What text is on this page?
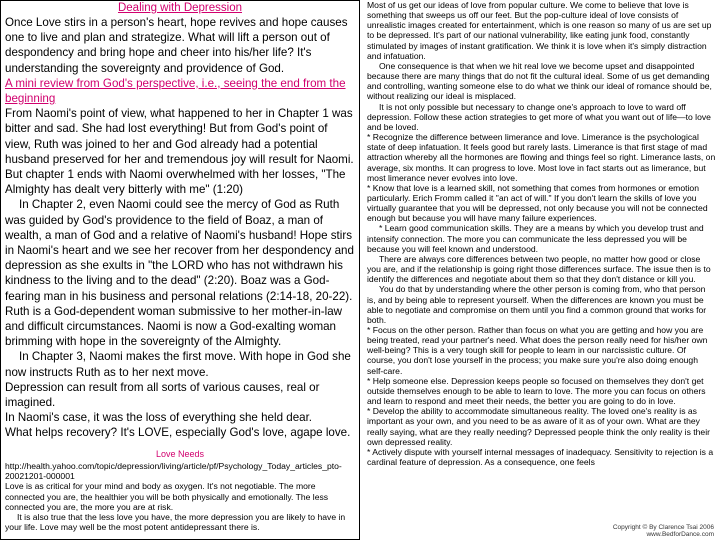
Dealing with Depression

Once Love stirs in a person's heart, hope revives and hope causes one to live and plan and strategize. What will lift a person out of despondency and bring hope and cheer into his/her life? It's understanding the sovereignty and providence of God.

A mini review from God's perspective, i.e., seeing the end from the beginning

From Naomi's point of view, what happened to her in Chapter 1 was bitter and sad. She had lost everything! But from God's point of view, Ruth was joined to her and God already had a potential husband preserved for her and tremendous joy will result for Naomi. But chapter 1 ends with Naomi overwhelmed with her losses, "The Almighty has dealt very bitterly with me" (1:20)

In Chapter 2, even Naomi could see the mercy of God as Ruth was guided by God's providence to the field of Boaz, a man of wealth, a man of God and a relative of Naomi's husband! Hope stirs in Naomi's heart and we see her recover from her despondency and depression as she exults in "the LORD who has not withdrawn his kindness to the living and to the dead" (2:20). Boaz was a God-fearing man in his business and personal relations (2:14-18, 20-22). Ruth is a God-dependent woman submissive to her mother-in-law and difficult circumstances. Naomi is now a God-exalting woman brimming with hope in the sovereignty of the Almighty.

In Chapter 3, Naomi makes the first move. With hope in God she now instructs Ruth as to her next move.

Depression can result from all sorts of various causes, real or imagined.

In Naomi's case, it was the loss of everything she held dear.

What helps recovery? It's LOVE, especially God's love, agape love.

Love Needs

http://health.yahoo.com/topic/depression/living/article/pf/Psychology_Today_articles_pto-20021201-000001

Love is as critical for your mind and body as oxygen. It's not negotiable. The more connected you are, the healthier you will be both physically and emotionally. The less connected you are, the more you are at risk.

It is also true that the less love you have, the more depression you are likely to have in your life. Love may well be the most potent antidepressant there is.

Most of us get our ideas of love from popular culture. We come to believe that love is something that sweeps us off our feet. But the pop-culture ideal of love consists of unrealistic images created for entertainment, which is one reason so many of us are set up to be depressed. It's part of our national vulnerability, like eating junk food, constantly stimulated by images of instant gratification. We think it is love when it's simply distraction and infatuation.

One consequence is that when we hit real love we become upset and disappointed because there are many things that do not fit the cultural ideal. Some of us get demanding and controlling, wanting someone else to do what we think our ideal of romance should be, without realizing our ideal is misplaced.

It is not only possible but necessary to change one's approach to love to ward off depression. Follow these action strategies to get more of what you want out of life—to love and be loved.

* Recognize the difference between limerance and love. Limerance is the psychological state of deep infatuation. It feels good but rarely lasts. Limerance is that first stage of mad attraction whereby all the hormones are flowing and things feel so right. Limerance lasts, on average, six months. It can progress to love. Most love in fact starts out as limerance, but most limerance never evolves into love.

* Know that love is a learned skill, not something that comes from hormones or emotion particularly. Erich Fromm called it "an act of will." If you don't learn the skills of love you virtually guarantee that you will be depressed, not only because you will not be connected enough but because you will have many failure experiences.

* Learn good communication skills. They are a means by which you develop trust and intensify connection. The more you can communicate the less depressed you will be because you will feel known and understood.

There are always core differences between two people, no matter how good or close you are, and if the relationship is going right those differences surface. The issue then is to identify the differences and negotiate about them so that they don't distance or kill you.

You do that by understanding where the other person is coming from, who that person is, and by being able to represent yourself. When the differences are known you must be able to negotiate and compromise on them until you find a common ground that works for both.

* Focus on the other person. Rather than focus on what you are getting and how you are being treated, read your partner's need. What does the person really need for his/her own well-being? This is a very tough skill for people to learn in our narcissistic culture. Of course, you don't lose yourself in the process; you make sure you're also doing enough self-care.

* Help someone else. Depression keeps people so focused on themselves they don't get outside themselves enough to be able to learn to love. The more you can focus on others and learn to respond and meet their needs, the better you are going to do in love.

* Develop the ability to accommodate simultaneous reality. The loved one's reality is as important as your own, and you need to be as aware of it as of your own. What are they really saying, what are they really needing? Depressed people think the only reality is their own depressed reality.

* Actively dispute with yourself internal messages of inadequacy. Sensitivity to rejection is a cardinal feature of depression. As a consequence, one feels

Copyright © By Clarence Tsai 2006
www.BedforDance.com
